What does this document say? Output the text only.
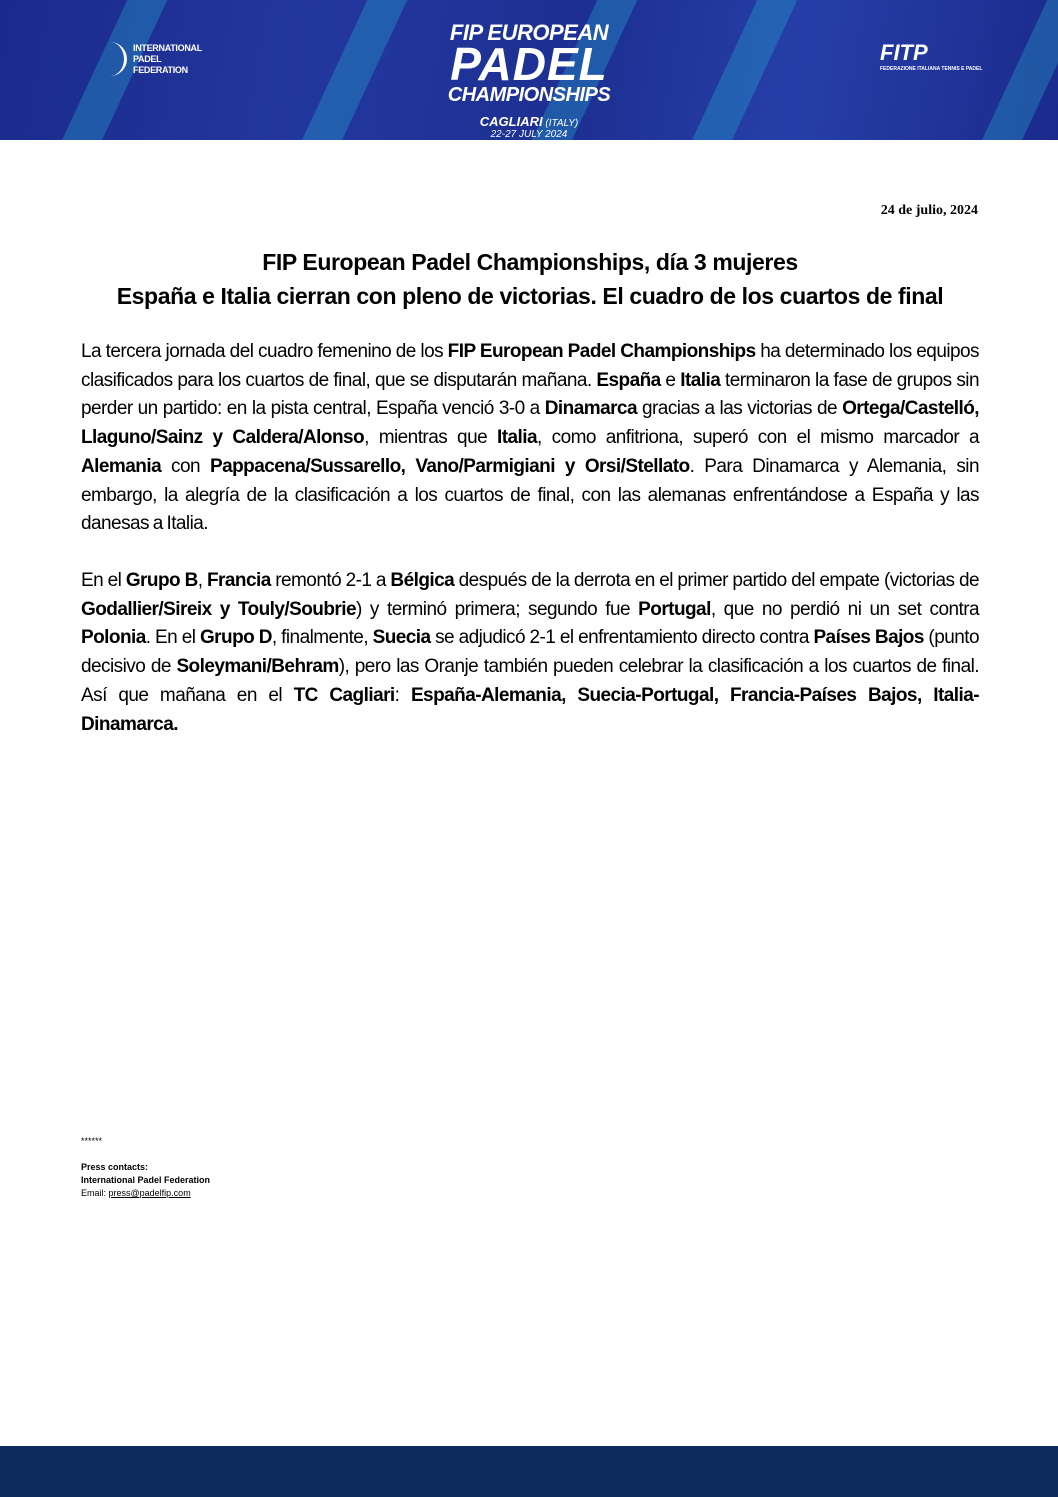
INTERNATIONAL
PADEL
FEDERATION
FIP EUROPEAN
PADEL
CHAMPIONSHIPS
CAGLIARI (ITALY)
22-27 JULY 2024
FITP
FEDERAZIONE ITALIANA TENNIS E PADEL
24 de julio, 2024
FIP European Padel Championships, día 3 mujeres
España e Italia cierran con pleno de victorias. El cuadro de los cuartos de final
La tercera jornada del cuadro femenino de los FIP European Padel Championships ha determinado los equipos clasificados para los cuartos de final, que se disputarán mañana. España e Italia terminaron la fase de grupos sin perder un partido: en la pista central, España venció 3-0 a Dinamarca gracias a las victorias de Ortega/Castelló, Llaguno/Sainz y Caldera/Alonso, mientras que Italia, como anfitriona, superó con el mismo marcador a Alemania con Pappacena/Sussarello, Vano/Parmigiani y Orsi/Stellato. Para Dinamarca y Alemania, sin embargo, la alegría de la clasificación a los cuartos de final, con las alemanas enfrentándose a España y las danesas a Italia.
En el Grupo B, Francia remontó 2-1 a Bélgica después de la derrota en el primer partido del empate (victorias de Godallier/Sireix y Touly/Soubrie) y terminó primera; segundo fue Portugal, que no perdió ni un set contra Polonia. En el Grupo D, finalmente, Suecia se adjudicó 2-1 el enfrentamiento directo contra Países Bajos (punto decisivo de Soleymani/Behram), pero las Oranje también pueden celebrar la clasificación a los cuartos de final. Así que mañana en el TC Cagliari: España-Alemania, Suecia-Portugal, Francia-Países Bajos, Italia-Dinamarca.
******
Press contacts:
International Padel Federation
Email: press@padelfip.com
